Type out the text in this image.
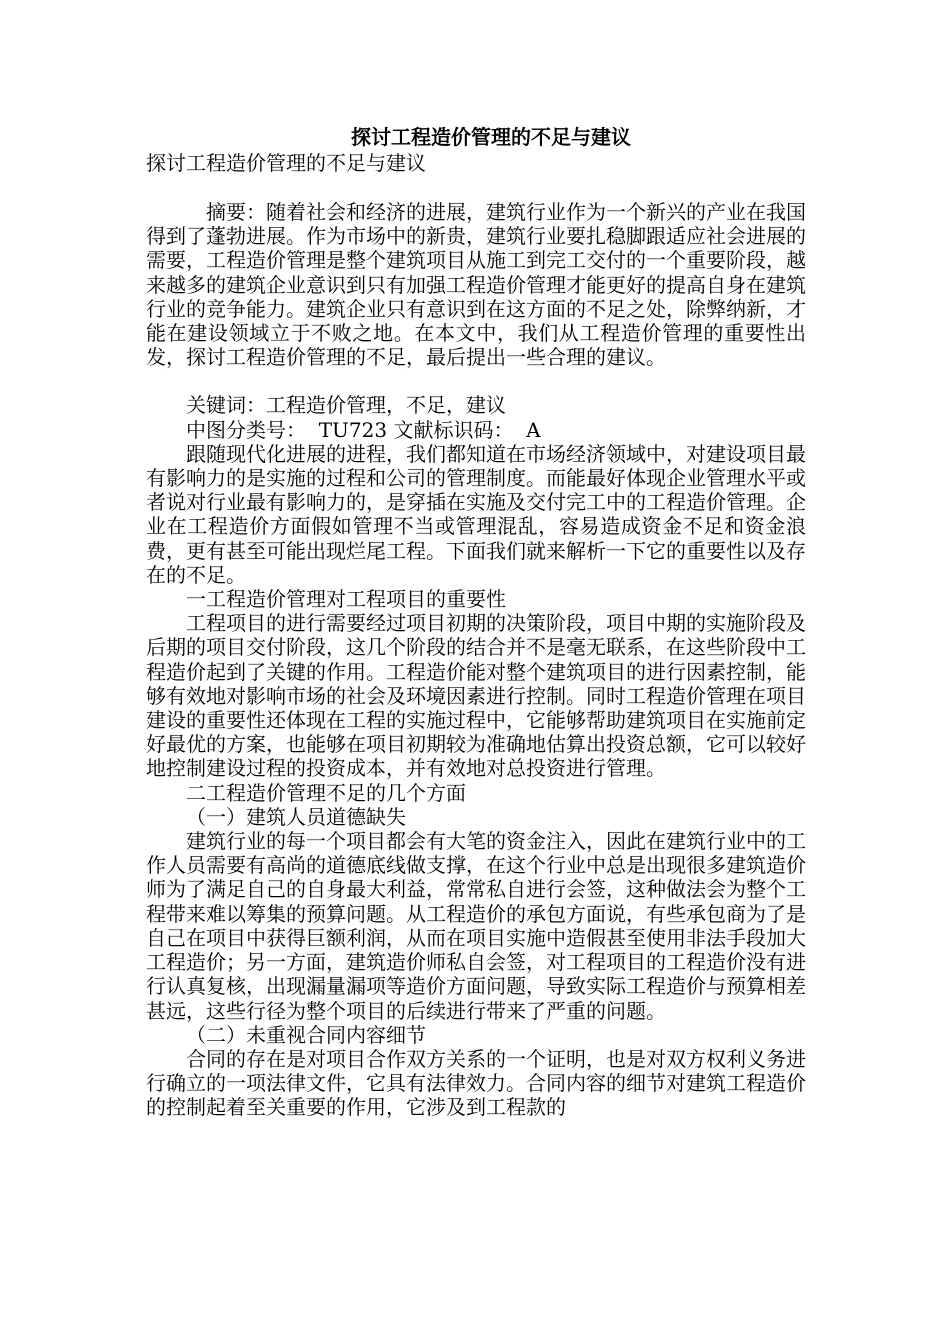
探讨工程造价管理的不足与建议
探讨工程造价管理的不足与建议

摘要：随着社会和经济的进展，建筑行业作为一个新兴的产业在我国得到了蓬勃进展。作为市场中的新贵，建筑行业要扎稳脚跟适应社会进展的需要，工程造价管理是整个建筑项目从施工到完工交付的一个重要阶段，越来越多的建筑企业意识到只有加强工程造价管理才能更好的提高自身在建筑行业的竞争能力。建筑企业只有意识到在这方面的不足之处，除弊纳新，才能在建设领域立于不败之地。在本文中，我们从工程造价管理的重要性出发，探讨工程造价管理的不足，最后提出一些合理的建议。

关键词：工程造价管理，不足，建议

中图分类号：  TU723 文献标识码：  A

跟随现代化进展的进程，我们都知道在市场经济领域中，对建设项目最有影响力的是实施的过程和公司的管理制度。而能最好体现企业管理水平或者说对行业最有影响力的，是穿插在实施及交付完工中的工程造价管理。企业在工程造价方面假如管理不当或管理混乱，容易造成资金不足和资金浪费，更有甚至可能出现烂尾工程。下面我们就来解析一下它的重要性以及存在的不足。

一工程造价管理对工程项目的重要性

工程项目的进行需要经过项目初期的决策阶段，项目中期的实施阶段及后期的项目交付阶段，这几个阶段的结合并不是毫无联系，在这些阶段中工程造价起到了关键的作用。工程造价能对整个建筑项目的进行因素控制，能够有效地对影响市场的社会及环境因素进行控制。同时工程造价管理在项目建设的重要性还体现在工程的实施过程中，它能够帮助建筑项目在实施前定好最优的方案，也能够在项目初期较为准确地估算出投资总额，它可以较好地控制建设过程的投资成本，并有效地对总投资进行管理。

二工程造价管理不足的几个方面

（一）建筑人员道德缺失

建筑行业的每一个项目都会有大笔的资金注入，因此在建筑行业中的工作人员需要有高尚的道德底线做支撑，在这个行业中总是出现很多建筑造价师为了满足自己的自身最大利益，常常私自进行会签，这种做法会为整个工程带来难以筹集的预算问题。从工程造价的承包方面说，有些承包商为了是自己在项目中获得巨额利润，从而在项目实施中造假甚至使用非法手段加大工程造价；另一方面，建筑造价师私自会签，对工程项目的工程造价没有进行认真复核，出现漏量漏项等造价方面问题，导致实际工程造价与预算相差甚远，这些行径为整个项目的后续进行带来了严重的问题。

（二）未重视合同内容细节

合同的存在是对项目合作双方关系的一个证明，也是对双方权利义务进行确立的一项法律文件，它具有法律效力。合同内容的细节对建筑工程造价的控制起着至关重要的作用，它涉及到工程款的
